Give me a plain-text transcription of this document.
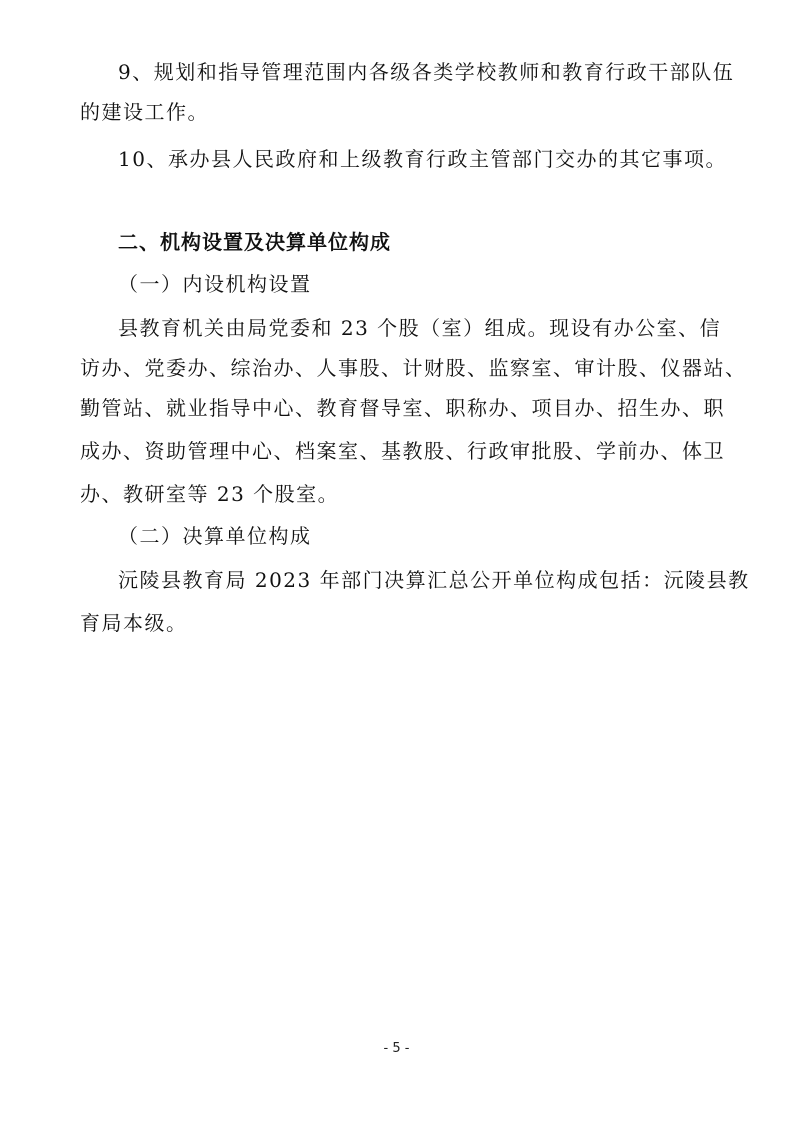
9、规划和指导管理范围内各级各类学校教师和教育行政干部队伍
的建设工作。
10、承办县人民政府和上级教育行政主管部门交办的其它事项。
二、机构设置及决算单位构成
（一）内设机构设置
县教育机关由局党委和 23 个股（室）组成。现设有办公室、信
访办、党委办、综治办、人事股、计财股、监察室、审计股、仪器站、
勤管站、就业指导中心、教育督导室、职称办、项目办、招生办、职
成办、资助管理中心、档案室、基教股、行政审批股、学前办、体卫
办、教研室等 23 个股室。
（二）决算单位构成
沅陵县教育局 2023 年部门决算汇总公开单位构成包括：沅陵县教
育局本级。
- 5 -
